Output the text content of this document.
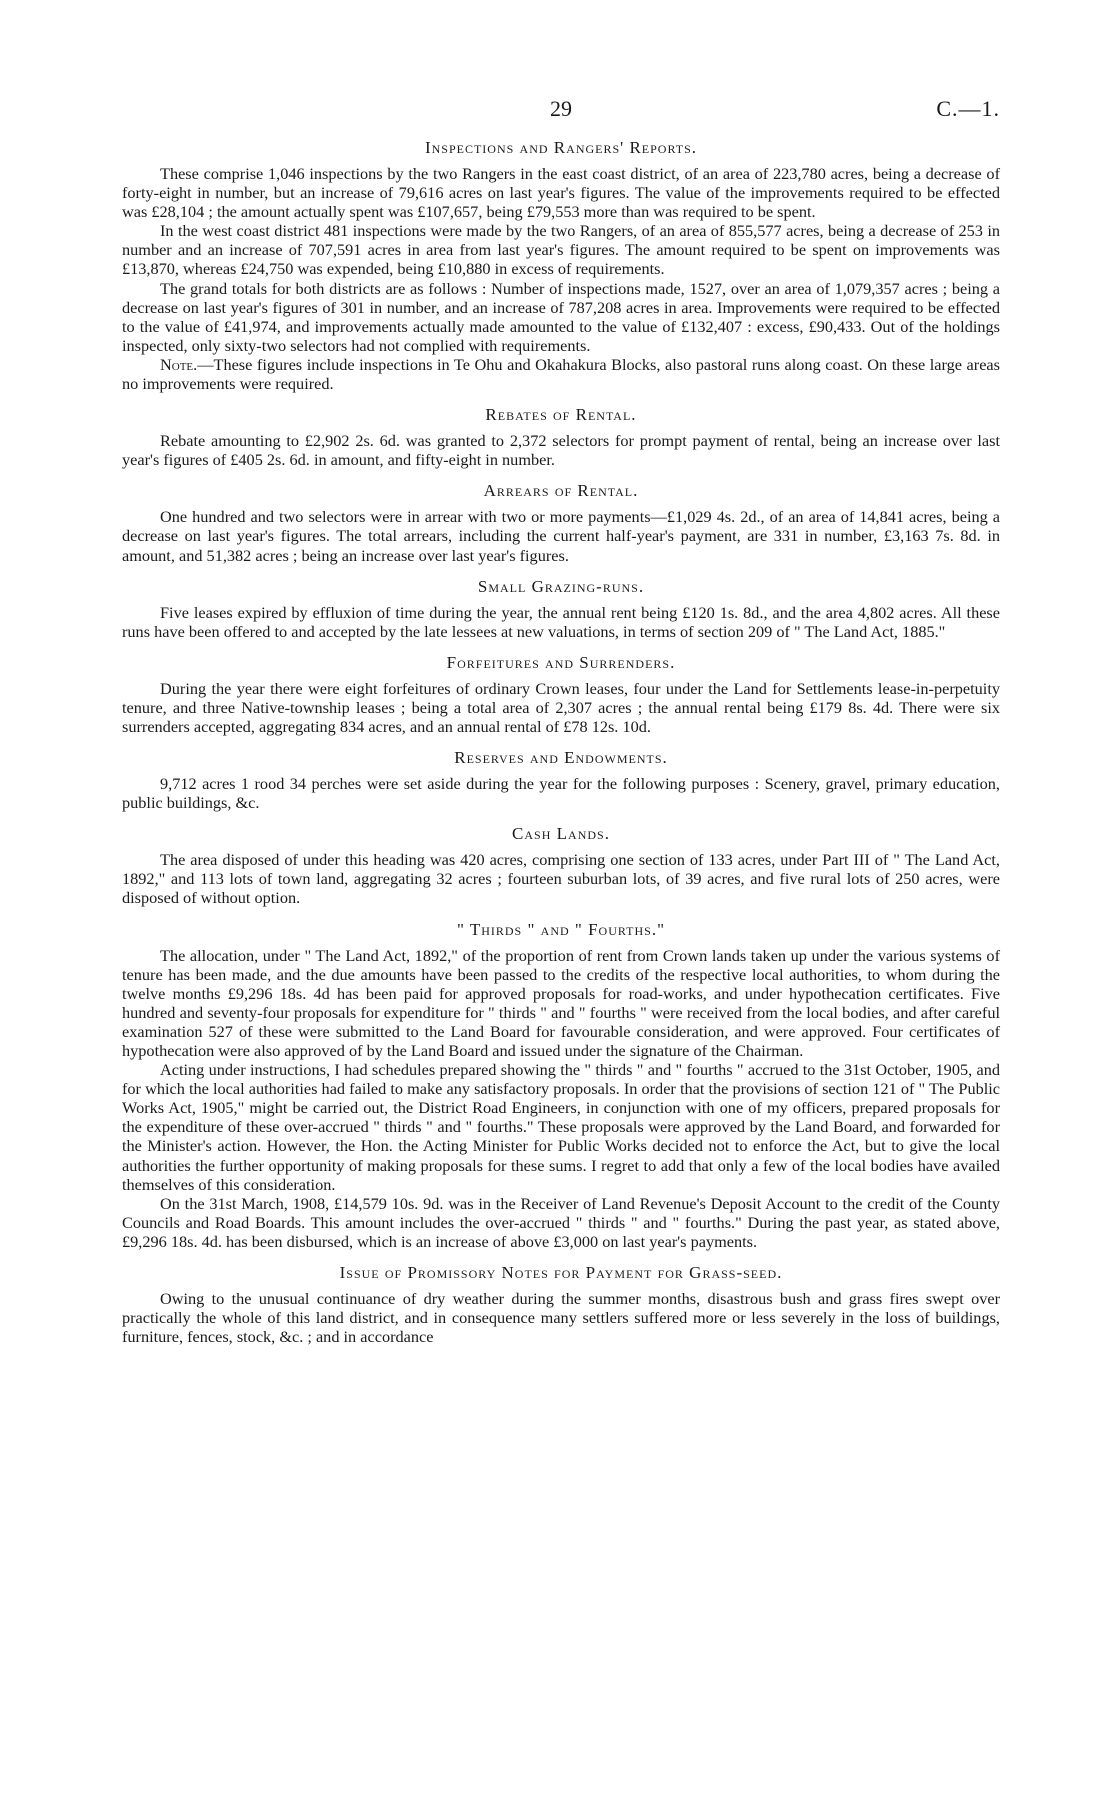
29	C.—1.
Inspections and Rangers' Reports.

These comprise 1,046 inspections by the two Rangers in the east coast district, of an area of 223,780 acres, being a decrease of forty-eight in number, but an increase of 79,616 acres on last year's figures. The value of the improvements required to be effected was £28,104 ; the amount actually spent was £107,657, being £79,553 more than was required to be spent.

In the west coast district 481 inspections were made by the two Rangers, of an area of 855,577 acres, being a decrease of 253 in number and an increase of 707,591 acres in area from last year's figures. The amount required to be spent on improvements was £13,870, whereas £24,750 was expended, being £10,880 in excess of requirements.

The grand totals for both districts are as follows : Number of inspections made, 1527, over an area of 1,079,357 acres ; being a decrease on last year's figures of 301 in number, and an increase of 787,208 acres in area. Improvements were required to be effected to the value of £41,974, and improvements actually made amounted to the value of £132,407 : excess, £90,433. Out of the holdings inspected, only sixty-two selectors had not complied with requirements.

Note.—These figures include inspections in Te Ohu and Okahakura Blocks, also pastoral runs along coast. On these large areas no improvements were required.

Rebates of Rental.

Rebate amounting to £2,902 2s. 6d. was granted to 2,372 selectors for prompt payment of rental, being an increase over last year's figures of £405 2s. 6d. in amount, and fifty-eight in number.

Arrears of Rental.

One hundred and two selectors were in arrear with two or more payments—£1,029 4s. 2d., of an area of 14,841 acres, being a decrease on last year's figures. The total arrears, including the current half-year's payment, are 331 in number, £3,163 7s. 8d. in amount, and 51,382 acres ; being an increase over last year's figures.

Small Grazing-runs.

Five leases expired by effluxion of time during the year, the annual rent being £120 1s. 8d., and the area 4,802 acres. All these runs have been offered to and accepted by the late lessees at new valuations, in terms of section 209 of " The Land Act, 1885."

Forfeitures and Surrenders.

During the year there were eight forfeitures of ordinary Crown leases, four under the Land for Settlements lease-in-perpetuity tenure, and three Native-township leases ; being a total area of 2,307 acres ; the annual rental being £179 8s. 4d. There were six surrenders accepted, aggregating 834 acres, and an annual rental of £78 12s. 10d.

Reserves and Endowments.

9,712 acres 1 rood 34 perches were set aside during the year for the following purposes : Scenery, gravel, primary education, public buildings, &c.

Cash Lands.

The area disposed of under this heading was 420 acres, comprising one section of 133 acres, under Part III of " The Land Act, 1892," and 113 lots of town land, aggregating 32 acres ; fourteen suburban lots, of 39 acres, and five rural lots of 250 acres, were disposed of without option.

" Thirds " and " Fourths."

The allocation, under " The Land Act, 1892," of the proportion of rent from Crown lands taken up under the various systems of tenure has been made, and the due amounts have been passed to the credits of the respective local authorities, to whom during the twelve months £9,296 18s. 4d has been paid for approved proposals for road-works, and under hypothecation certificates. Five hundred and seventy-four proposals for expenditure for " thirds " and " fourths " were received from the local bodies, and after careful examination 527 of these were submitted to the Land Board for favourable consideration, and were approved. Four certificates of hypothecation were also approved of by the Land Board and issued under the signature of the Chairman.

Acting under instructions, I had schedules prepared showing the " thirds " and " fourths " accrued to the 31st October, 1905, and for which the local authorities had failed to make any satisfactory proposals. In order that the provisions of section 121 of " The Public Works Act, 1905," might be carried out, the District Road Engineers, in conjunction with one of my officers, prepared proposals for the expenditure of these over-accrued " thirds " and " fourths." These proposals were approved by the Land Board, and forwarded for the Minister's action. However, the Hon. the Acting Minister for Public Works decided not to enforce the Act, but to give the local authorities the further opportunity of making proposals for these sums. I regret to add that only a few of the local bodies have availed themselves of this consideration.

On the 31st March, 1908, £14,579 10s. 9d. was in the Receiver of Land Revenue's Deposit Account to the credit of the County Councils and Road Boards. This amount includes the over-accrued " thirds " and " fourths." During the past year, as stated above, £9,296 18s. 4d. has been disbursed, which is an increase of above £3,000 on last year's payments.

Issue of Promissory Notes for Payment for Grass-seed.

Owing to the unusual continuance of dry weather during the summer months, disastrous bush and grass fires swept over practically the whole of this land district, and in consequence many settlers suffered more or less severely in the loss of buildings, furniture, fences, stock, &c. ; and in accordance
